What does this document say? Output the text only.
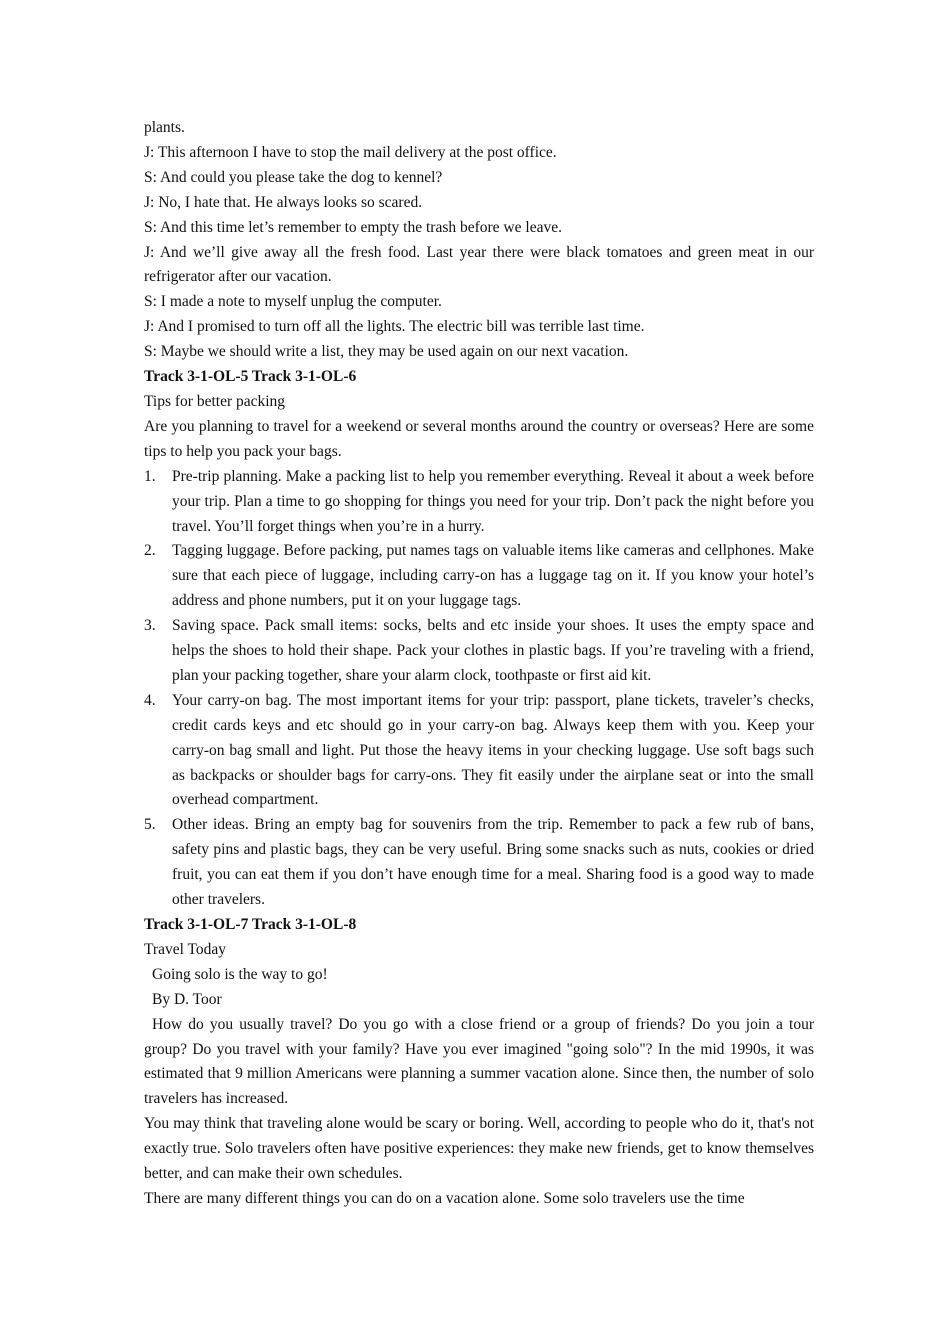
plants.

J: This afternoon I have to stop the mail delivery at the post office.

S: And could you please take the dog to kennel?

J: No, I hate that. He always looks so scared.

S: And this time let’s remember to empty the trash before we leave.

J: And we’ll give away all the fresh food. Last year there were black tomatoes and green meat in our refrigerator after our vacation.

S: I made a note to myself unplug the computer.

J: And I promised to turn off all the lights. The electric bill was terrible last time.

S: Maybe we should write a list, they may be used again on our next vacation.

Track 3-1-OL-5 Track 3-1-OL-6

Tips for better packing

Are you planning to travel for a weekend or several months around the country or overseas? Here are some tips to help you pack your bags.

1. Pre-trip planning. Make a packing list to help you remember everything. Reveal it about a week before your trip. Plan a time to go shopping for things you need for your trip. Don’t pack the night before you travel. You’ll forget things when you’re in a hurry.
2. Tagging luggage. Before packing, put names tags on valuable items like cameras and cellphones. Make sure that each piece of luggage, including carry-on has a luggage tag on it. If you know your hotel’s address and phone numbers, put it on your luggage tags.
3. Saving space. Pack small items: socks, belts and etc inside your shoes. It uses the empty space and helps the shoes to hold their shape. Pack your clothes in plastic bags. If you’re traveling with a friend, plan your packing together, share your alarm clock, toothpaste or first aid kit.
4. Your carry-on bag. The most important items for your trip: passport, plane tickets, traveler’s checks, credit cards keys and etc should go in your carry-on bag. Always keep them with you. Keep your carry-on bag small and light. Put those the heavy items in your checking luggage. Use soft bags such as backpacks or shoulder bags for carry-ons. They fit easily under the airplane seat or into the small overhead compartment.
5. Other ideas. Bring an empty bag for souvenirs from the trip. Remember to pack a few rub of bans, safety pins and plastic bags, they can be very useful. Bring some snacks such as nuts, cookies or dried fruit, you can eat them if you don’t have enough time for a meal. Sharing food is a good way to made other travelers.

Track 3-1-OL-7 Track 3-1-OL-8

Travel Today

Going solo is the way to go!

By D. Toor

How do you usually travel? Do you go with a close friend or a group of friends? Do you join a tour group? Do you travel with your family? Have you ever imagined "going solo"? In the mid 1990s, it was estimated that 9 million Americans were planning a summer vacation alone. Since then, the number of solo travelers has increased.

You may think that traveling alone would be scary or boring. Well, according to people who do it, that's not exactly true. Solo travelers often have positive experiences: they make new friends, get to know themselves better, and can make their own schedules.

There are many different things you can do on a vacation alone. Some solo travelers use the time
